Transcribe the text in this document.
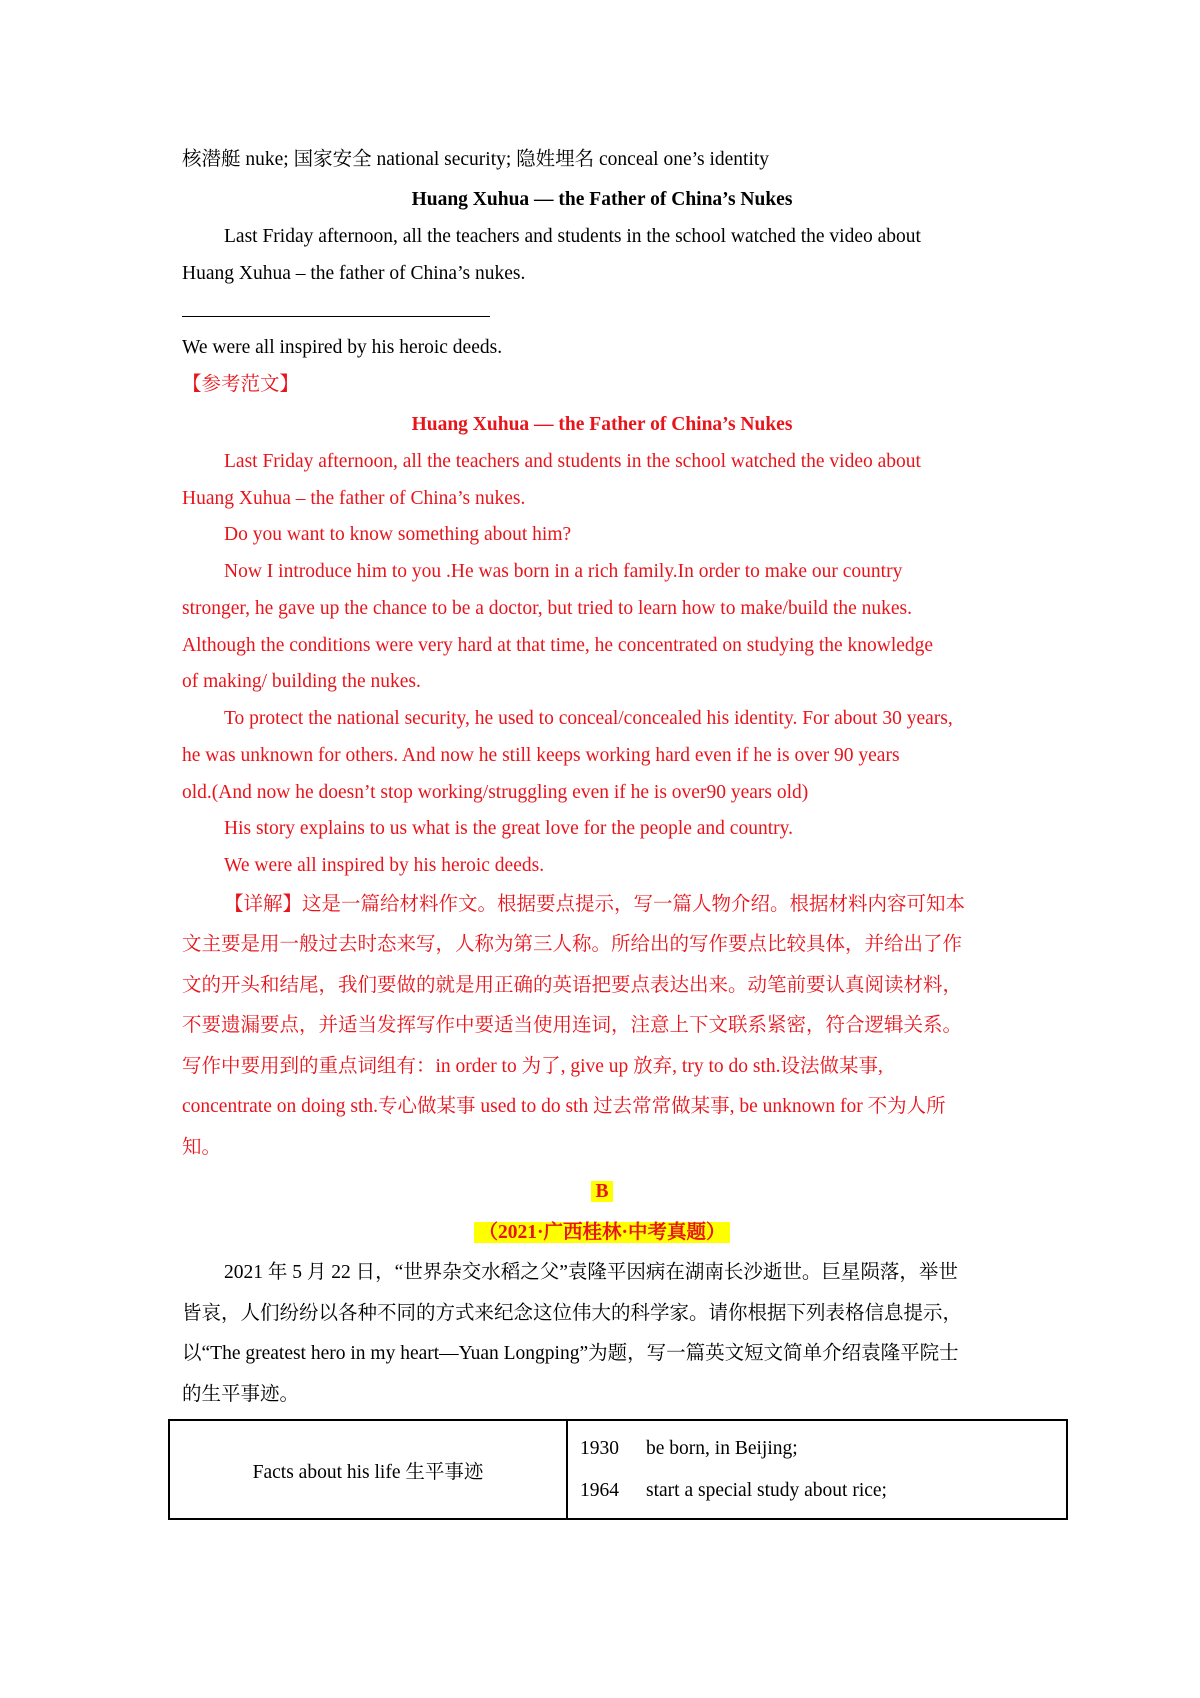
核潜艇 nuke; 国家安全 national security; 隐姓埋名 conceal one’s identity
Huang Xuhua — the Father of China’s Nukes
Last Friday afternoon, all the teachers and students in the school watched the video about
Huang Xuhua – the father of China’s nukes.
We were all inspired by his heroic deeds.
【参考范文】
Huang Xuhua — the Father of China’s Nukes
Last Friday afternoon, all the teachers and students in the school watched the video about
Huang Xuhua – the father of China’s nukes.
Do you want to know something about him?
Now I introduce him to you .He was born in a rich family.In order to make our country
stronger, he gave up the chance to be a doctor, but tried to learn how to make/build the nukes.
Although the conditions were very hard at that time, he concentrated on studying the knowledge
of making/ building the nukes.
To protect the national security, he used to conceal/concealed his identity. For about 30 years,
he was unknown for others. And now he still keeps working hard even if he is over 90 years
old.(And now he doesn’t stop working/struggling even if he is over90 years old)
His story explains to us what is the great love for the people and country.
We were all inspired by his heroic deeds.
【详解】这是一篇给材料作文。根据要点提示，写一篇人物介绍。根据材料内容可知本
文主要是用一般过去时态来写，人称为第三人称。所给出的写作要点比较具体，并给出了作
文的开头和结尾，我们要做的就是用正确的英语把要点表达出来。动笔前要认真阅读材料，
不要遗漏要点，并适当发挥写作中要适当使用连词，注意上下文联系紧密，符合逻辑关系。
写作中要用到的重点词组有：in order to 为了, give up 放弃, try to do sth.设法做某事,
concentrate on doing sth.专心做某事 used to do sth 过去常常做某事, be unknown for 不为人所
知。
B
（2021·广西桂林·中考真题）
2021 年 5 月 22 日，“世界杂交水稻之父”袁隆平因病在湖南长沙逝世。巨星陨落，举世
皆哀，人们纷纷以各种不同的方式来纪念这位伟大的科学家。请你根据下列表格信息提示，
以“The greatest hero in my heart—Yuan Longping”为题，写一篇英文短文简单介绍袁隆平院士
的生平事迹。
Facts about his life 生平事迹	
1930 be born, in Beijing;
1964 start a special study about rice;
